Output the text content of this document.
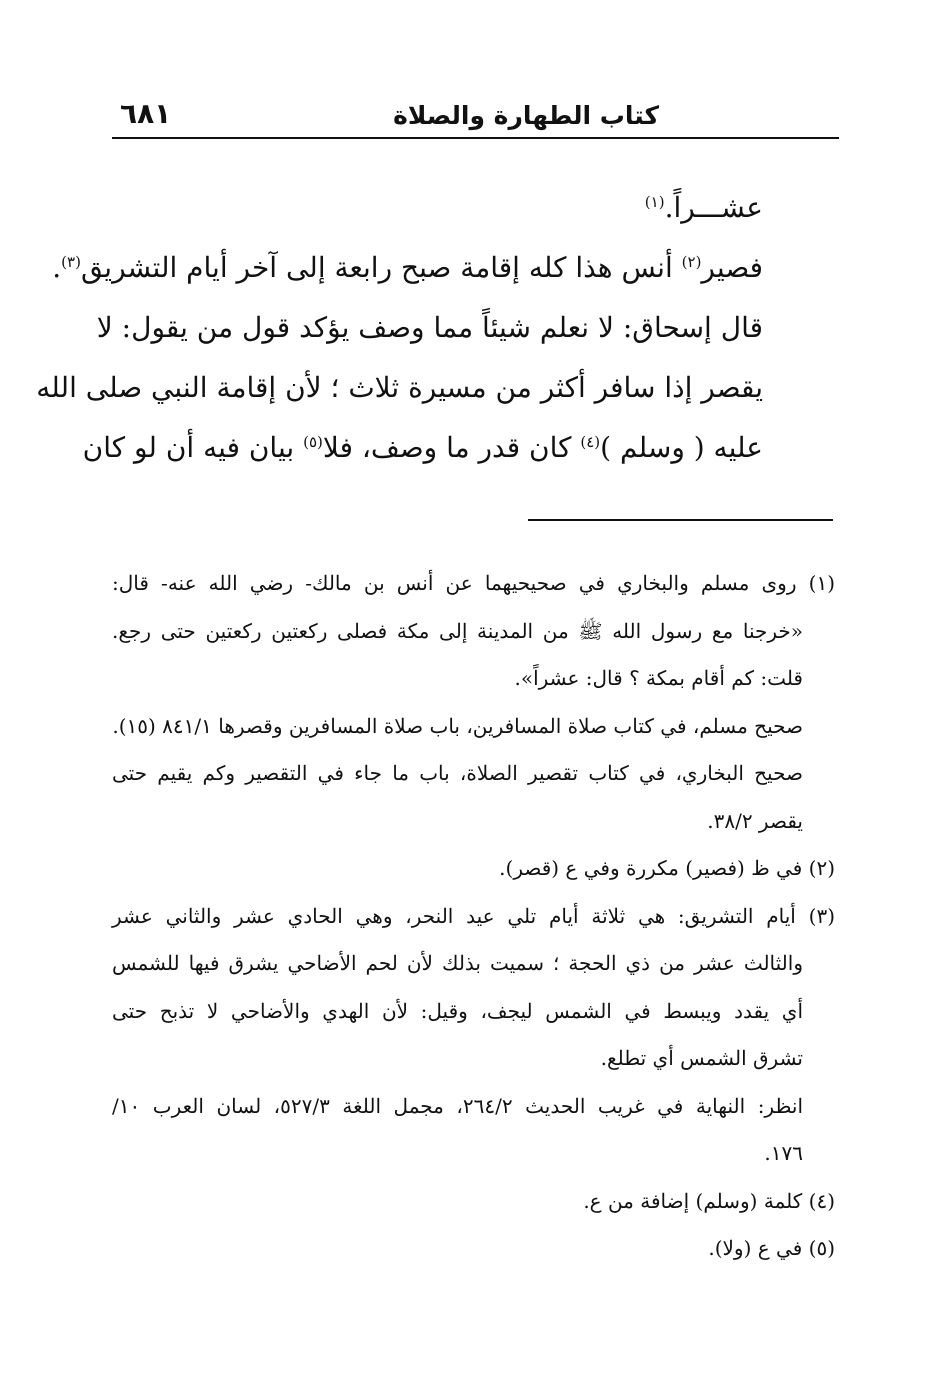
كتاب الطهارة والصلاة
٦٨١
عشـــراً.$^{(١)}$
فصير$^{(٢)}$ أنس هذا كله إقامة صبح رابعة إلى آخر أيام التشريق$^{(٣)}$.
قال إسحاق: لا نعلم شيئاً مما وصف يؤكد قول من يقول: لا
يقصر إذا سافر أكثر من مسيرة ثلاث ؛ لأن إقامة النبي صلى الله
عليه ( وسلم )$^{(٤)}$ كان قدر ما وصف، فلا$^{(٥)}$ بيان فيه أن لو كان
(١) روى مسلم والبخاري في صحيحيهما عن أنس بن مالك- رضي الله عنه- قال:
«خرجنا مع رسول الله ﷺ من المدينة إلى مكة فصلى ركعتين ركعتين حتى رجع.
قلت: كم أقام بمكة ؟ قال: عشراً».
صحيح مسلم، في كتاب صلاة المسافرين، باب صلاة المسافرين وقصرها ٨٤١/١ (١٥).
صحيح البخاري، في كتاب تقصير الصلاة، باب ما جاء في التقصير وكم يقيم حتى
يقصر ٣٨/٢.
(٢) في ظ (فصير) مكررة وفي ع (قصر).
(٣) أيام التشريق: هي ثلاثة أيام تلي عيد النحر، وهي الحادي عشر والثاني عشر
والثالث عشر من ذي الحجة ؛ سميت بذلك لأن لحم الأضاحي يشرق فيها للشمس
أي يقدد ويبسط في الشمس ليجف، وقيل: لأن الهدي والأضاحي لا تذبح حتى
تشرق الشمس أي تطلع.
انظر: النهاية في غريب الحديث ٢٦٤/٢، مجمل اللغة ٥٢٧/٣، لسان العرب ١٠/
١٧٦.
(٤) كلمة (وسلم) إضافة من ع.
(٥) في ع (ولا).
